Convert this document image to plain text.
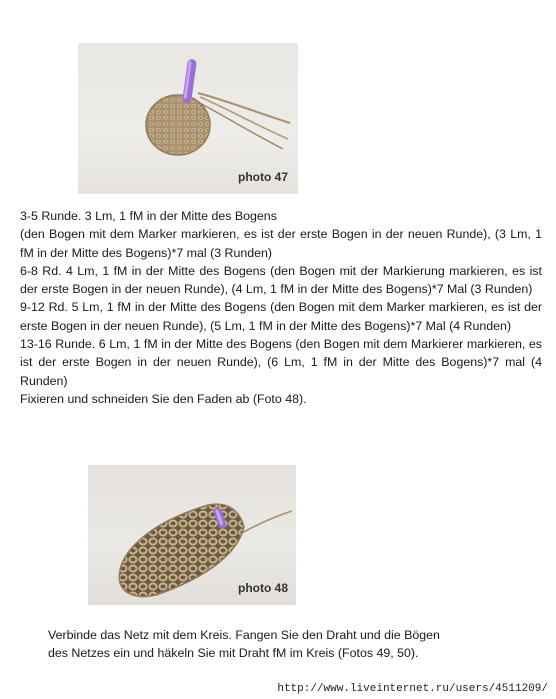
photo 47

3-5 Runde. 3 Lm, 1 fM in der Mitte des Bogens

(den Bogen mit dem Marker markieren, es ist der erste Bogen in der neuen Runde), (3 Lm, 1 fM in der Mitte des Bogens)*7 mal (3 Runden)

6-8 Rd. 4 Lm, 1 fM in der Mitte des Bogens (den Bogen mit der Markierung markieren, es ist der erste Bogen in der neuen Runde), (4 Lm, 1 fM in der Mitte des Bogens)*7 Mal (3 Runden)

9-12 Rd. 5 Lm, 1 fM in der Mitte des Bogens (den Bogen mit dem Marker markieren, es ist der erste Bogen in der neuen Runde), (5 Lm, 1 fM in der Mitte des Bogens)*7 Mal (4 Runden)

13-16 Runde. 6 Lm, 1 fM in der Mitte des Bogens (den Bogen mit dem Markierer markieren, es ist der erste Bogen in der neuen Runde), (6 Lm, 1 fM in der Mitte des Bogens)*7 mal (4 Runden)

Fixieren und schneiden Sie den Faden ab (Foto 48).

photo 48

Verbinde das Netz mit dem Kreis. Fangen Sie den Draht und die Bögen

des Netzes ein und häkeln Sie mit Draht fM im Kreis (Fotos 49, 50).

http://www.liveinternet.ru/users/4511209/
